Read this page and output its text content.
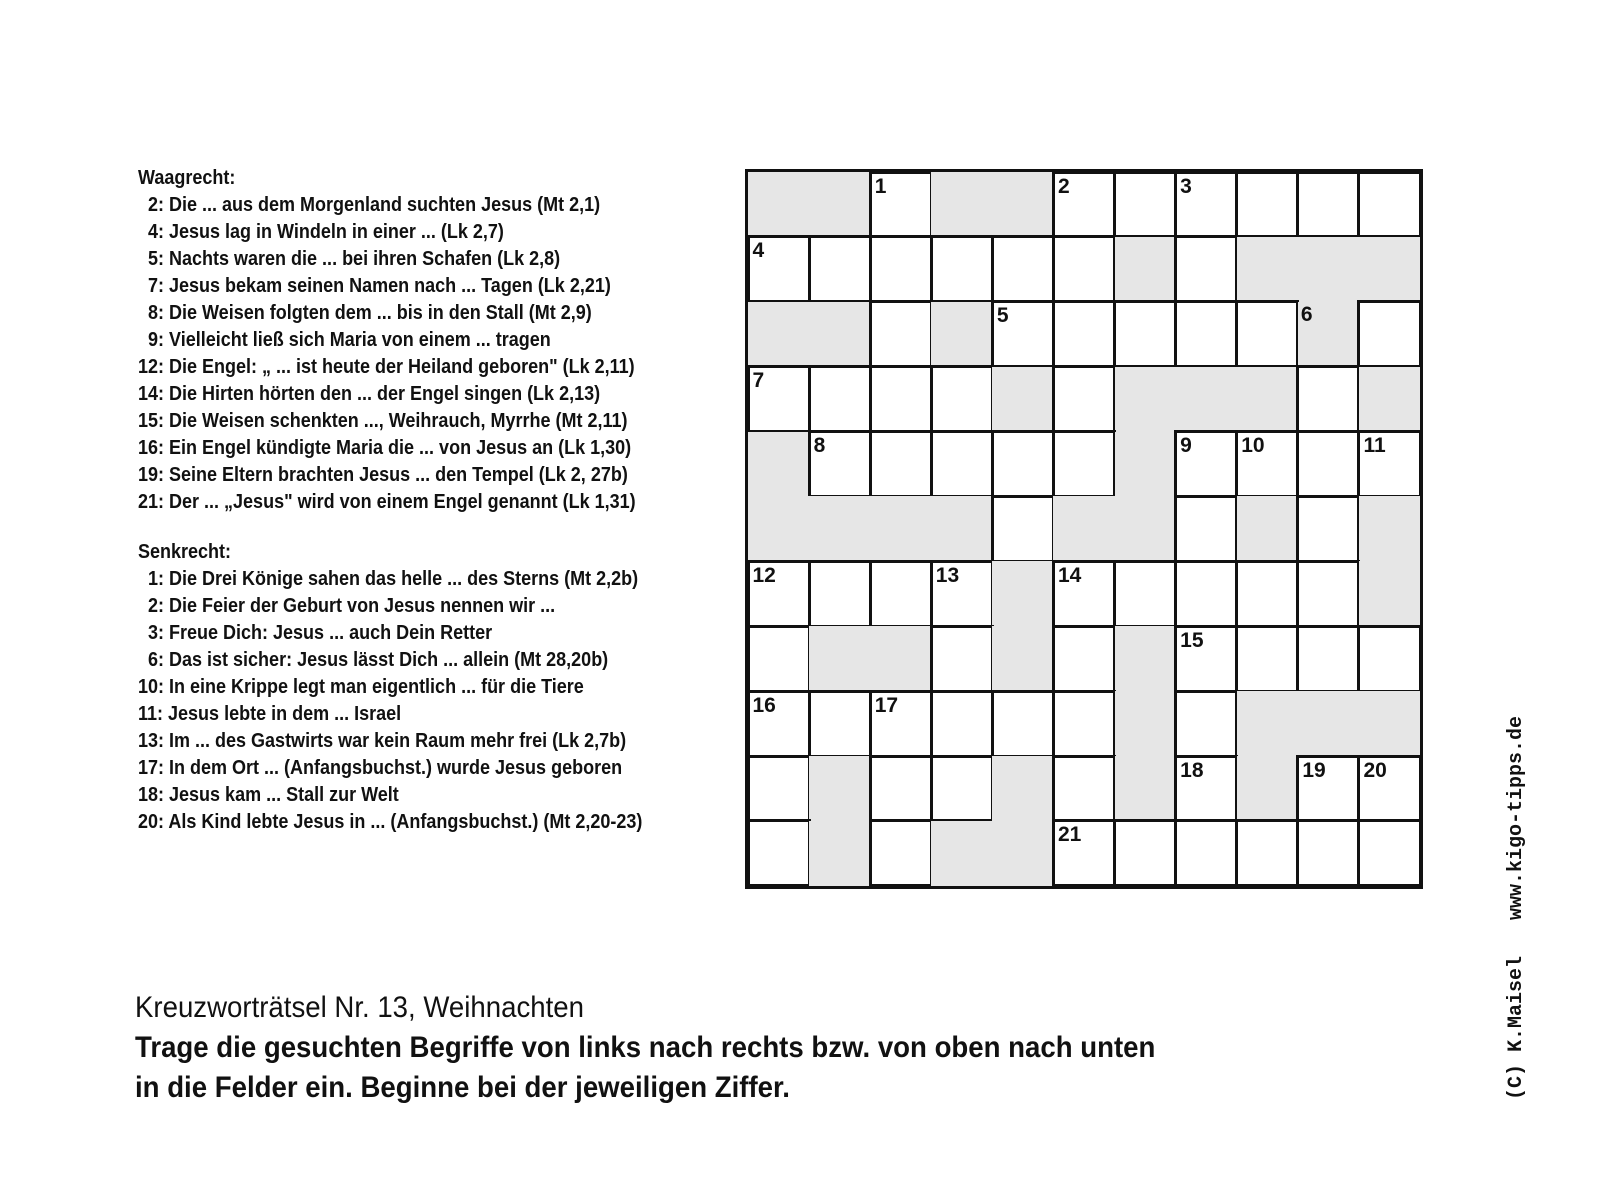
Waagrecht:
2: Die ... aus dem Morgenland suchten Jesus (Mt 2,1)
4: Jesus lag in Windeln in einer ... (Lk 2,7)
5: Nachts waren die ... bei ihren Schafen (Lk 2,8)
7: Jesus bekam seinen Namen nach ... Tagen (Lk 2,21)
8: Die Weisen folgten dem ... bis in den Stall (Mt 2,9)
9: Vielleicht ließ sich Maria von einem ... tragen
12: Die Engel: „ ... ist heute der Heiland geboren" (Lk 2,11)
14: Die Hirten hörten den ... der Engel singen (Lk 2,13)
15: Die Weisen schenkten ..., Weihrauch, Myrrhe (Mt 2,11)
16: Ein Engel kündigte Maria die ... von Jesus an (Lk 1,30)
19: Seine Eltern brachten Jesus ... den Tempel (Lk 2, 27b)
21: Der ... „Jesus" wird von einem Engel genannt (Lk 1,31)
Senkrecht:
1: Die Drei Könige sahen das helle ... des Sterns (Mt 2,2b)
2: Die Feier der Geburt von Jesus nennen wir ...
3: Freue Dich: Jesus ... auch Dein Retter
6: Das ist sicher: Jesus lässt Dich ... allein (Mt 28,20b)
10: In eine Krippe legt man eigentlich ... für die Tiere
11: Jesus lebte in dem ... Israel
13: Im ... des Gastwirts war kein Raum mehr frei (Lk 2,7b)
17: In dem Ort ... (Anfangsbuchst.) wurde Jesus geboren
18: Jesus kam ... Stall zur Welt
20: Als Kind lebte Jesus in ... (Anfangsbuchst.) (Mt 2,20-23)
1	2	3
4
5	6
7
8	9 10	11
12	13	14
15
16	17
18	19 20
21
Kreuzworträtsel Nr. 13, Weihnachten
Trage die gesuchten Begriffe von links nach rechts bzw. von oben nach unten
in die Felder ein. Beginne bei der jeweiligen Ziffer.	(C) K.Maisel   www.kigo-tipps.de
